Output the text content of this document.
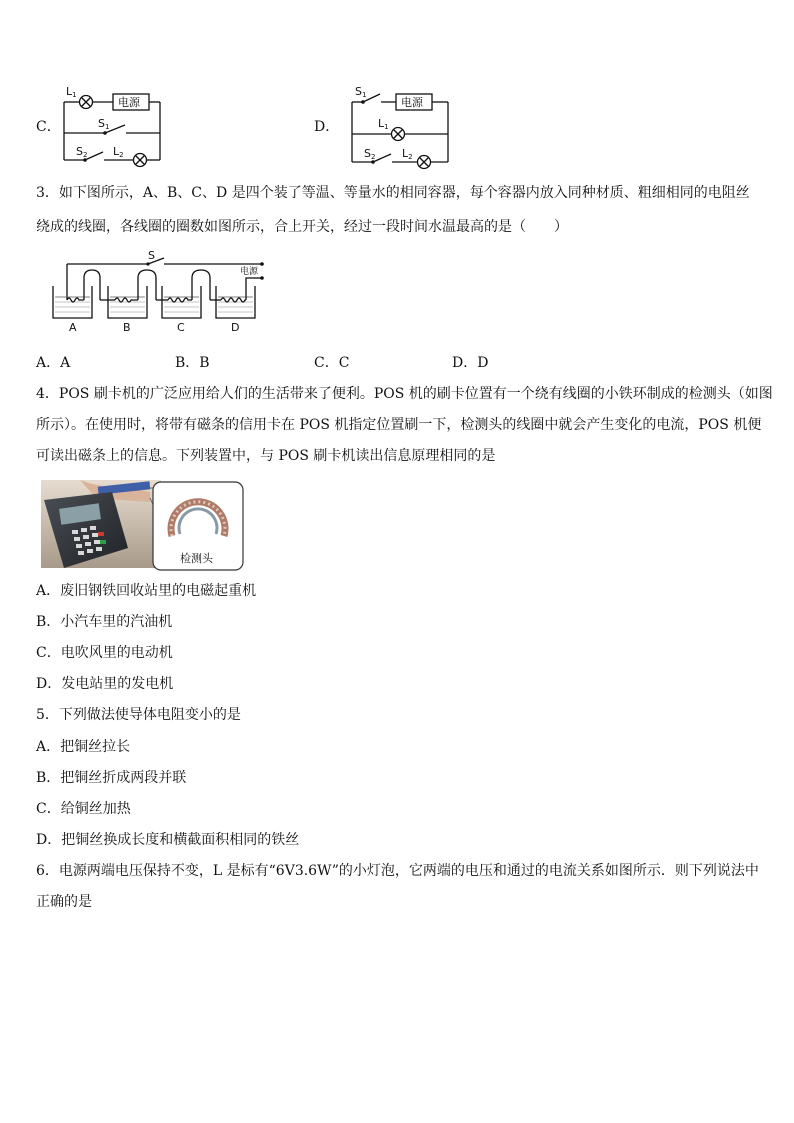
C．
L1
电源
S1
S2 L2
D．
S1
电源
L1
S2 L2
3．如下图所示，A、B、C、D 是四个装了等温、等量水的相同容器，每个容器内放入同种材质、粗细相同的电阻丝
绕成的线圈，各线圈的圈数如图所示，合上开关，经过一段时间水温最高的是（　　）
S
电源
A	B	C	D
A．A	B．B	C．C	D．D
4．POS 刷卡机的广泛应用给人们的生活带来了便利。POS 机的刷卡位置有一个绕有线圈的小铁环制成的检测头（如图
所示）。在使用时，将带有磁条的信用卡在 POS 机指定位置刷一下，检测头的线圈中就会产生变化的电流，POS 机便
可读出磁条上的信息。下列装置中，与 POS 刷卡机读出信息原理相同的是
检测头
A．废旧钢铁回收站里的电磁起重机
B．小汽车里的汽油机
C．电吹风里的电动机
D．发电站里的发电机
5．下列做法使导体电阻变小的是
A．把铜丝拉长
B．把铜丝折成两段并联
C．给铜丝加热
D．把铜丝换成长度和横截面积相同的铁丝
6．电源两端电压保持不变，L 是标有“6V3.6W”的小灯泡，它两端的电压和通过的电流关系如图所示．则下列说法中
正确的是
